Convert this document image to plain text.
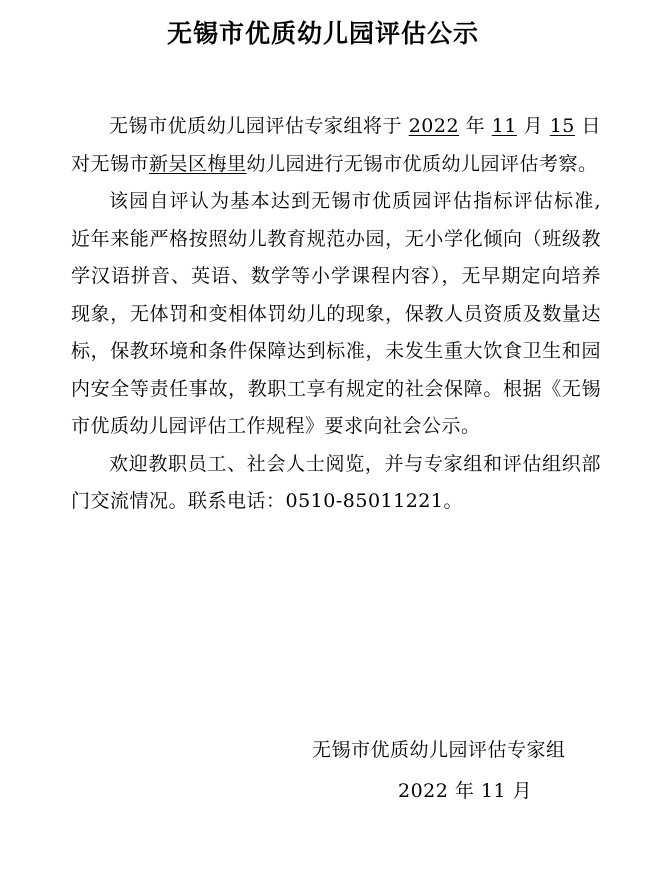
无锡市优质幼儿园评估公示

无锡市优质幼儿园评估专家组将于 2022 年 11 月 15 日对无锡市新吴区梅里幼儿园进行无锡市优质幼儿园评估考察。

该园自评认为基本达到无锡市优质园评估指标评估标准,近年来能严格按照幼儿教育规范办园，无小学化倾向（班级教学汉语拼音、英语、数学等小学课程内容），无早期定向培养现象，无体罚和变相体罚幼儿的现象，保教人员资质及数量达标，保教环境和条件保障达到标准，未发生重大饮食卫生和园内安全等责任事故，教职工享有规定的社会保障。根据《无锡市优质幼儿园评估工作规程》要求向社会公示。

欢迎教职员工、社会人士阅览，并与专家组和评估组织部门交流情况。联系电话：0510-85011221。

无锡市优质幼儿园评估专家组
2022 年 11 月
